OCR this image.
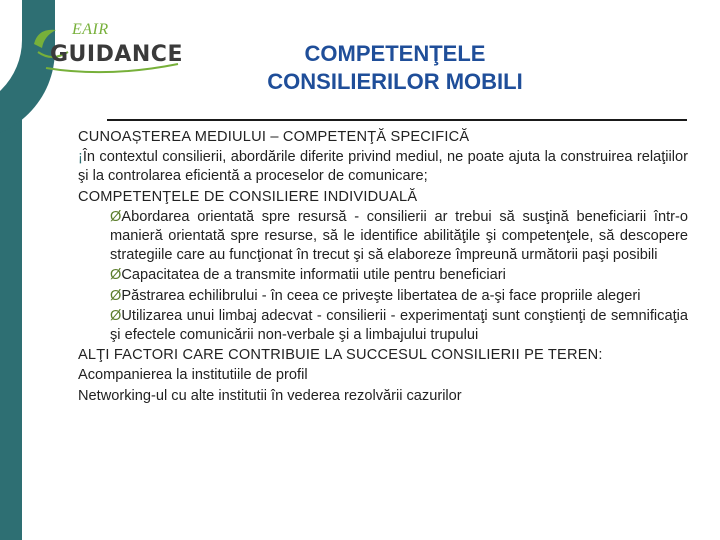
EAIR
GUIDANCE	COMPETENŢELE
CONSILIERILOR MOBILI

CUNOAȘTEREA MEDIULUI – COMPETENŢĂ SPECIFICĂ

¡În contextul consilierii, abordările diferite privind mediul, ne poate ajuta la construirea relaţiilor şi la controlarea eficientă a proceselor de comunicare;

COMPETENŢELE DE CONSILIERE INDIVIDUALĂ

ØAbordarea orientată spre resursă - consilierii ar trebui să susţină beneficiarii într-o manieră orientată spre resurse, să le identifice abilităţile şi competenţele, să descopere strategiile care au funcţionat în trecut şi să elaboreze împreună următorii paşi posibili

ØCapacitatea de a transmite informatii utile pentru beneficiari

ØPăstrarea echilibrului - în ceea ce priveşte libertatea de a-şi face propriile alegeri

ØUtilizarea unui limbaj adecvat - consilierii - experimentaţi sunt conştienţi de semnificaţia şi efectele comunicării non-verbale şi a limbajului trupului

ALŢI FACTORI CARE CONTRIBUIE LA SUCCESUL CONSILIERII PE TEREN:

Acompanierea la institutiile de profil

Networking-ul cu alte institutii în vederea rezolvării cazurilor
